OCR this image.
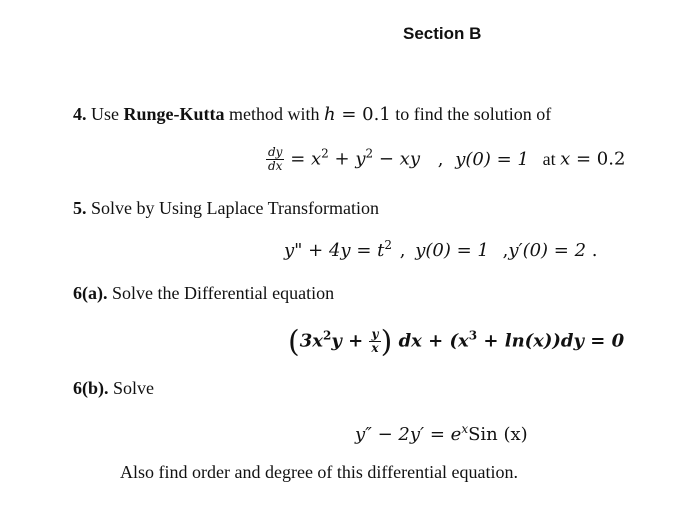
Section B
4. Use Runge-Kutta method with h = 0.1 to find the solution of
$\frac{dy}{dx} = x^2 + y^2$ − xy , y(0) = 1 at x = 0.2
5. Solve by Using Laplace Transformation
y" + $4y = t^2$ , y(0) = 1 ,y′(0) = 2 .
6(a). Solve the Differential equation
($3x^2y + \frac{y}{x}$ ) dx + $(x^3 + \ln(x))dy = 0$
6(b). Solve
$y'' - 2y' = e^xSin$ (x)
Also find order and degree of this differential equation.
